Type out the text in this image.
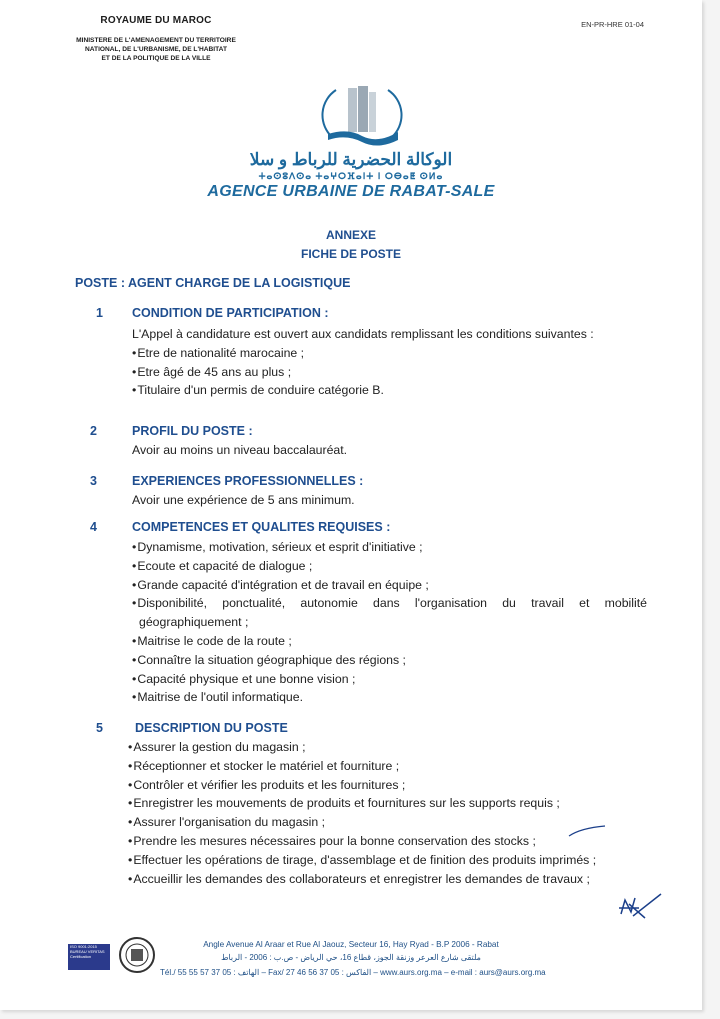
ROYAUME DU MAROC
MINISTERE DE L'AMENAGEMENT DU TERRITOIRE
NATIONAL, DE L'URBANISME, DE L'HABITAT
ET DE LA POLITIQUE DE LA VILLE
EN-PR-HRE 01-04
الوكالة الحضرية للرباط و سلا
ⵜⴰⵙⵓⴷⵙⴰ ⵜⴰⵖⵔⴼⴰⵏⵜ ⵏ ⵔⴱⴰⵟ ⵙⵍⴰ
AGENCE URBAINE DE RABAT-SALE
ANNEXE
FICHE DE POSTE
POSTE : AGENT CHARGE DE LA LOGISTIQUE
1 CONDITION DE PARTICIPATION :

L'Appel à candidature est ouvert aux candidats remplissant les conditions suivantes :

• Etre de nationalité marocaine ;

• Etre âgé de 45 ans au plus ;

• Titulaire d'un permis de conduire catégorie B.

2	PROFIL DU POSTE :

Avoir au moins un niveau baccalauréat.

3	EXPERIENCES PROFESSIONNELLES :

Avoir une expérience de 5 ans minimum.

4	COMPETENCES ET QUALITES REQUISES :

• Dynamisme, motivation, sérieux et esprit d'initiative ;

• Ecoute et capacité de dialogue ;

• Grande capacité d'intégration et de travail en équipe ;

• Disponibilité, ponctualité, autonomie dans l'organisation du travail et mobilité

géographiquement ;

• Maitrise le code de la route ;

• Connaître la situation géographique des régions ;

• Capacité physique et une bonne vision ;

• Maitrise de l'outil informatique.

5	DESCRIPTION DU POSTE

• Assurer la gestion du magasin ;

• Réceptionner et stocker le matériel et fourniture ;

• Contrôler et vérifier les produits et les fournitures ;

• Enregistrer les mouvements de produits et fournitures sur les supports requis ;

• Assurer l'organisation du magasin ;

• Prendre les mesures nécessaires pour la bonne conservation des stocks ;

• Effectuer les opérations de tirage, d'assemblage et de finition des produits imprimés ;

• Accueillir les demandes des collaborateurs et enregistrer les demandes de travaux ;

ISO 9001:2015
BUREAU VERITAS
Certification
Angle Avenue Al Araar et Rue Al Jaouz, Secteur 16, Hay Ryad - B.P 2006 - Rabat
ملتقى شارع العرعر وزنقة الجوز، قطاع 16، حي الرياض - ص.ب : 2006 - الرباط
Tél./ الهاتف : 05 37 57 55 55 – Fax/ الفاكس : 05 37 56 46 27 – www.aurs.org.ma – e-mail : aurs@aurs.org.ma
